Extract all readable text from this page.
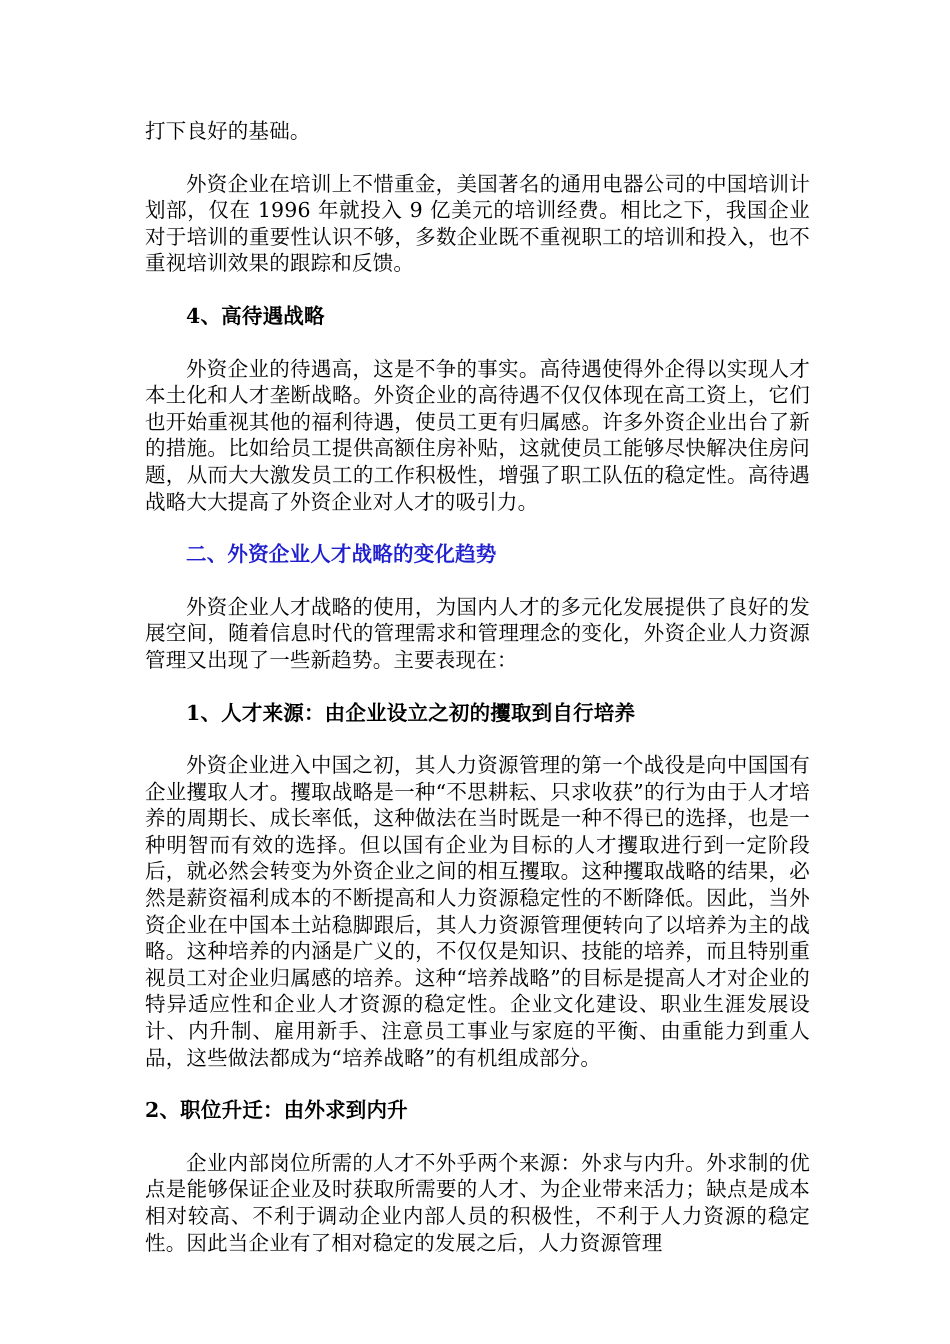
打下良好的基础。

外资企业在培训上不惜重金，美国著名的通用电器公司的中国培训计划部，仅在 1996 年就投入 9 亿美元的培训经费。相比之下，我国企业对于培训的重要性认识不够，多数企业既不重视职工的培训和投入，也不重视培训效果的跟踪和反馈。

4、高待遇战略

外资企业的待遇高，这是不争的事实。高待遇使得外企得以实现人才本土化和人才垄断战略。外资企业的高待遇不仅仅体现在高工资上，它们也开始重视其他的福利待遇，使员工更有归属感。许多外资企业出台了新的措施。比如给员工提供高额住房补贴，这就使员工能够尽快解决住房问题，从而大大激发员工的工作积极性，增强了职工队伍的稳定性。高待遇战略大大提高了外资企业对人才的吸引力。

二、外资企业人才战略的变化趋势

外资企业人才战略的使用，为国内人才的多元化发展提供了良好的发展空间，随着信息时代的管理需求和管理理念的变化，外资企业人力资源管理又出现了一些新趋势。主要表现在：

1、人才来源：由企业设立之初的攫取到自行培养

外资企业进入中国之初，其人力资源管理的第一个战役是向中国国有企业攫取人才。攫取战略是一种“不思耕耘、只求收获”的行为由于人才培养的周期长、成长率低，这种做法在当时既是一种不得已的选择，也是一种明智而有效的选择。但以国有企业为目标的人才攫取进行到一定阶段后，就必然会转变为外资企业之间的相互攫取。这种攫取战略的结果，必然是薪资福利成本的不断提高和人力资源稳定性的不断降低。因此，当外资企业在中国本土站稳脚跟后，其人力资源管理便转向了以培养为主的战略。这种培养的内涵是广义的，不仅仅是知识、技能的培养，而且特别重视员工对企业归属感的培养。这种“培养战略”的目标是提高人才对企业的特异适应性和企业人才资源的稳定性。企业文化建设、职业生涯发展设计、内升制、雇用新手、注意员工事业与家庭的平衡、由重能力到重人品，这些做法都成为“培养战略”的有机组成部分。

2、职位升迁：由外求到内升

企业内部岗位所需的人才不外乎两个来源：外求与内升。外求制的优点是能够保证企业及时获取所需要的人才、为企业带来活力；缺点是成本相对较高、不利于调动企业内部人员的积极性，不利于人力资源的稳定性。因此当企业有了相对稳定的发展之后，人力资源管理
